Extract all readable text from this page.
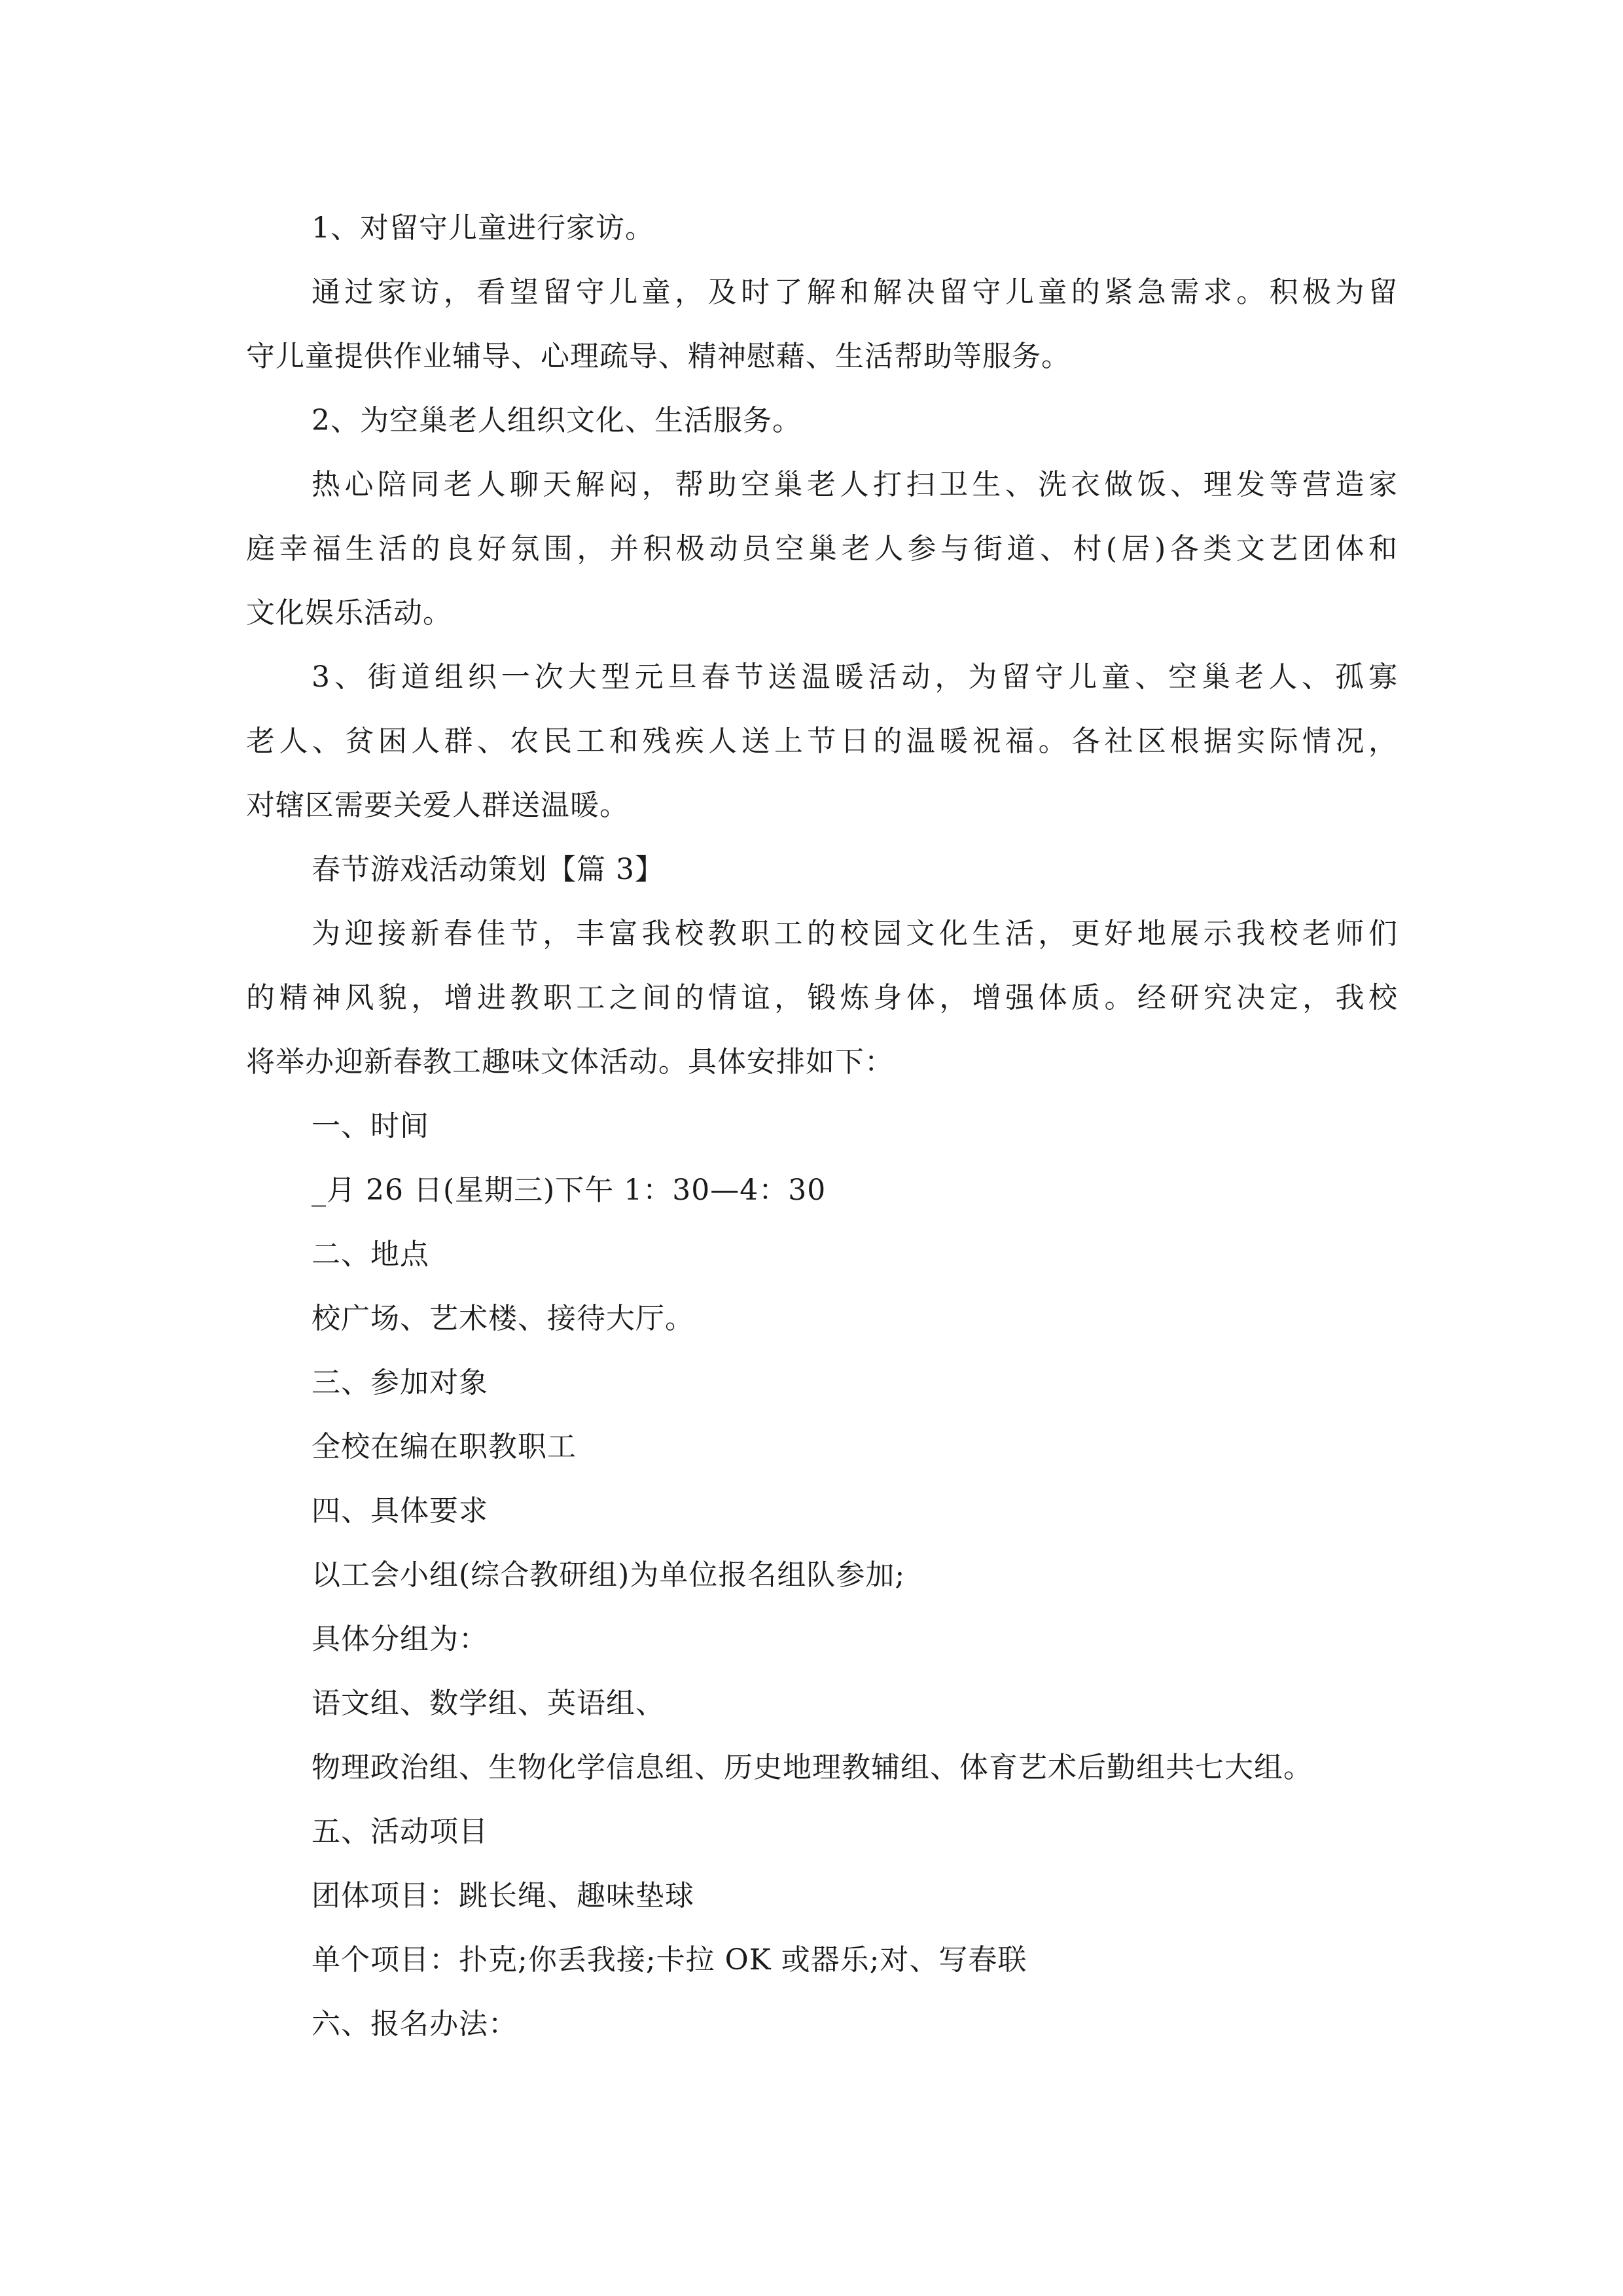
1、对留守儿童进行家访。
通过家访，看望留守儿童，及时了解和解决留守儿童的紧急需求。积极为留
守儿童提供作业辅导、心理疏导、精神慰藉、生活帮助等服务。
2、为空巢老人组织文化、生活服务。
热心陪同老人聊天解闷，帮助空巢老人打扫卫生、洗衣做饭、理发等营造家
庭幸福生活的良好氛围，并积极动员空巢老人参与街道、村(居)各类文艺团体和
文化娱乐活动。
3、街道组织一次大型元旦春节送温暖活动，为留守儿童、空巢老人、孤寡
老人、贫困人群、农民工和残疾人送上节日的温暖祝福。各社区根据实际情况，
对辖区需要关爱人群送温暖。
春节游戏活动策划【篇 3】
为迎接新春佳节，丰富我校教职工的校园文化生活，更好地展示我校老师们
的精神风貌，增进教职工之间的情谊，锻炼身体，增强体质。经研究决定，我校
将举办迎新春教工趣味文体活动。具体安排如下：
一、时间
_月 26 日(星期三)下午 1：30—4：30
二、地点
校广场、艺术楼、接待大厅。
三、参加对象
全校在编在职教职工
四、具体要求
以工会小组(综合教研组)为单位报名组队参加;
具体分组为：
语文组、数学组、英语组、
物理政治组、生物化学信息组、历史地理教辅组、体育艺术后勤组共七大组。
五、活动项目
团体项目：跳长绳、趣味垫球
单个项目：扑克;你丢我接;卡拉 OK 或器乐;对、写春联
六、报名办法：
